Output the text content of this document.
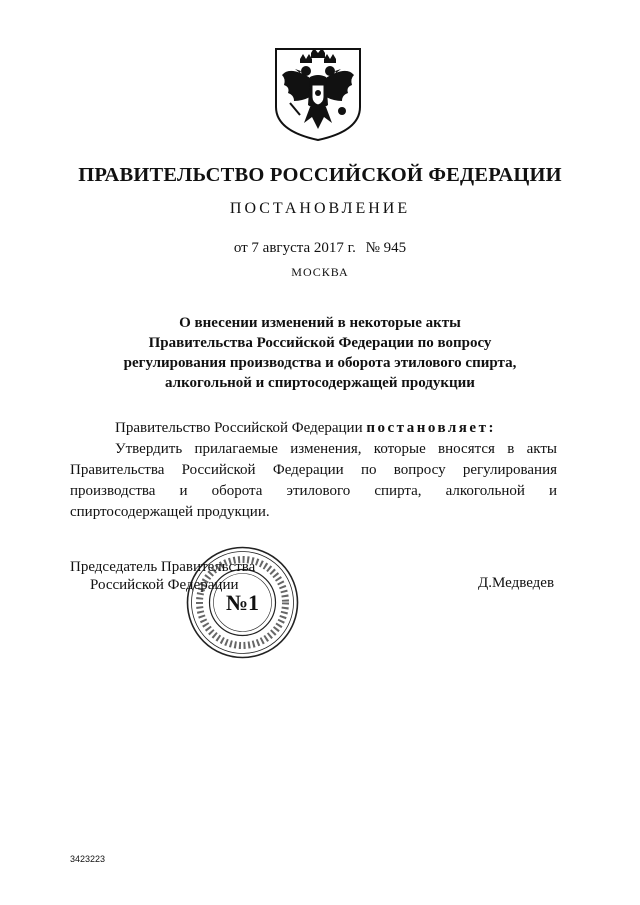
ПРАВИТЕЛЬСТВО РОССИЙСКОЙ ФЕДЕРАЦИИ
ПОСТАНОВЛЕНИЕ
от 7 августа 2017 г. № 945
МОСКВА
О внесении изменений в некоторые акты
Правительства Российской Федерации по вопросу
регулирования производства и оборота этилового спирта,
алкогольной и спиртосодержащей продукции

Правительство Российской Федерации постановляет:

Утвердить прилагаемые изменения, которые вносятся в акты Правительства Российской Федерации по вопросу регулирования производства и оборота этилового спирта, алкогольной и спиртосодержащей продукции.

№1
Председатель Правительства
Российской Федерации	Д.Медведев
3423223
